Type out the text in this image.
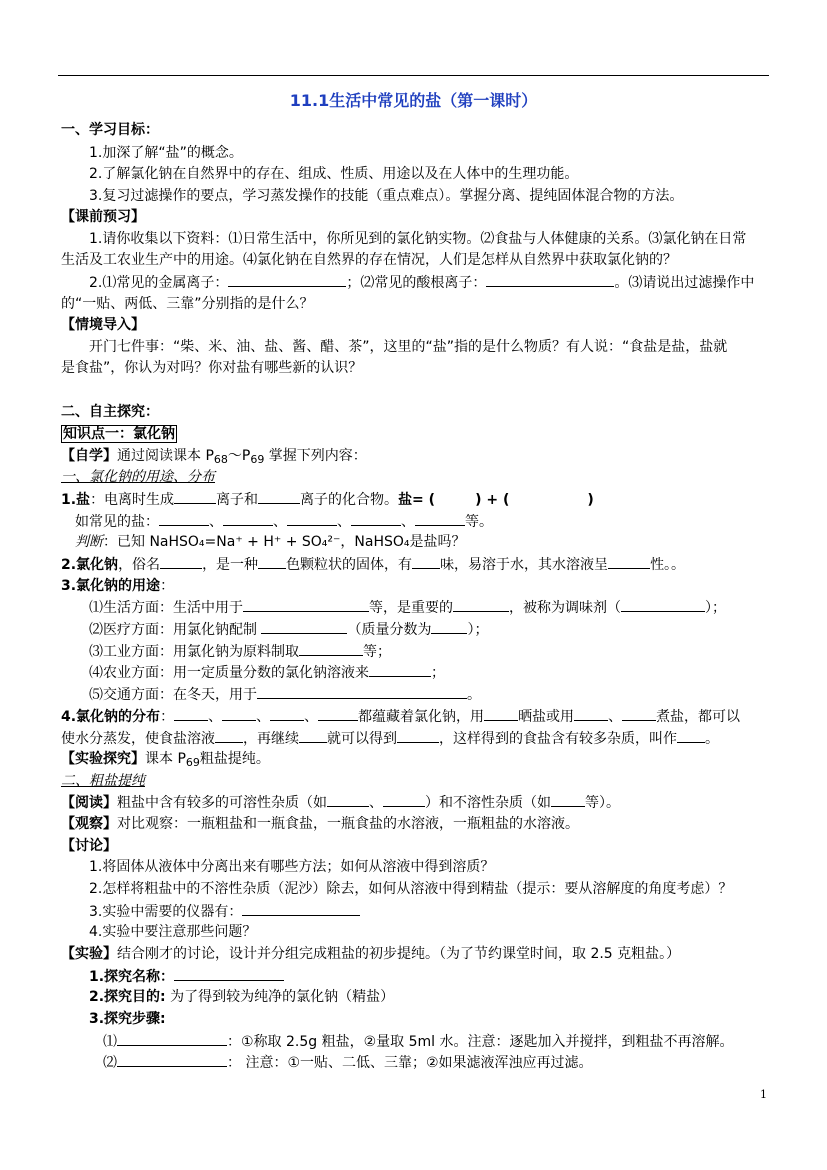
11.1生活中常见的盐（第一课时）
一、学习目标：
1.加深了解“盐”的概念。
2.了解氯化钠在自然界中的存在、组成、性质、用途以及在人体中的生理功能。
3.复习过滤操作的要点，学习蒸发操作的技能（重点难点）。掌握分离、提纯固体混合物的方法。
【课前预习】
1.请你收集以下资料：⑴日常生活中，你所见到的氯化钠实物。⑵食盐与人体健康的关系。⑶氯化钠在日常
生活及工农业生产中的用途。⑷氯化钠在自然界的存在情况，人们是怎样从自然界中获取氯化钠的？
2.⑴常见的金属离子：	；⑵常见的酸根离子：	。⑶请说出过滤操作中
的“一贴、两低、三靠”分别指的是什么？
【情境导入】
开门七件事：“柴、米、油、盐、酱、醋、茶”，这里的“盐”指的是什么物质？有人说：“食盐是盐，盐就
是食盐”，你认为对吗？你对盐有哪些新的认识？
二、自主探究：
知识点一：氯化钠
【自学】通过阅读课本 $P_{68}\sim P_{69}$ 掌握下列内容：
一、氯化钠的用途、分布
1.盐：电离时生成	离子和	离子的化合物。盐= (	) + (	)
如常见的盐：	、	、	、	、	等。
判断：已知 NaHSO₄=Na⁺ + H⁺ + SO₄²⁻，NaHSO₄是盐吗？
2.氯化钠，俗名	，是一种 色颗粒状的固体，有 味，易溶于水，其水溶液呈	性。。
3.氯化钠的用途：
⑴生活方面：生活中用于	等，是重要的	，被称为调味剂（	）；
⑵医疗方面：用氯化钠配制	（质量分数为	）；
⑶工业方面：用氯化钠为原料制取	等；
⑷农业方面：用一定质量分数的氯化钠溶液来	；
⑸交通方面：在冬天，用于	。
4.氯化钠的分布： 、 、 、	都蕴藏着氯化钠，用 晒盐或用 、 煮盐，都可以
使水分蒸发，使食盐溶液 ，再继续 就可以得到	，这样得到的食盐含有较多杂质，叫作 。
【实验探究】课本 $P_{69}$粗盐提纯。
二、粗盐提纯
【阅读】粗盐中含有较多的可溶性杂质（如	、	）和不溶性杂质（如 等）。
【观察】对比观察：一瓶粗盐和一瓶食盐，一瓶食盐的水溶液，一瓶粗盐的水溶液。
【讨论】
1.将固体从液体中分离出来有哪些方法；如何从溶液中得到溶质？
2.怎样将粗盐中的不溶性杂质（泥沙）除去，如何从溶液中得到精盐（提示：要从溶解度的角度考虑）？
3.实验中需要的仪器有：
4.实验中要注意那些问题？
【实验】结合刚才的讨论，设计并分组完成粗盐的初步提纯。（为了节约课堂时间，取 2.5 克粗盐。）
1.探究名称：
2.探究目的: 为了得到较为纯净的氯化钠（精盐）
3.探究步骤:
⑴	：①称取 2.5g 粗盐，②量取 5ml 水。注意：逐匙加入并搅拌，到粗盐不再溶解。
⑵	： 注意：①一贴、二低、三靠；②如果滤液浑浊应再过滤。
1
